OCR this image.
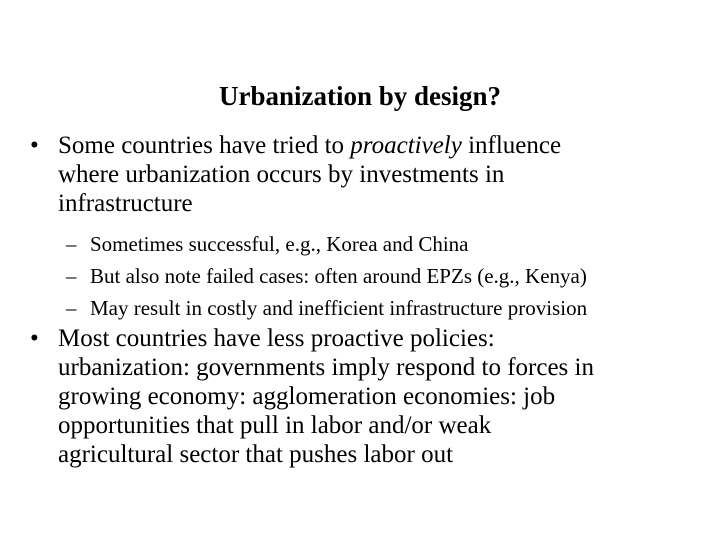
Urbanization by design?
• Some countries have tried to proactively influence
where urbanization occurs by investments in
infrastructure
– Sometimes successful, e.g., Korea and China
– But also note failed cases: often around EPZs (e.g., Kenya)
– May result in costly and inefficient infrastructure provision
• Most countries have less proactive policies:
urbanization: governments imply respond to forces in
growing economy: agglomeration economies: job
opportunities that pull in labor and/or weak
agricultural sector that pushes labor out
